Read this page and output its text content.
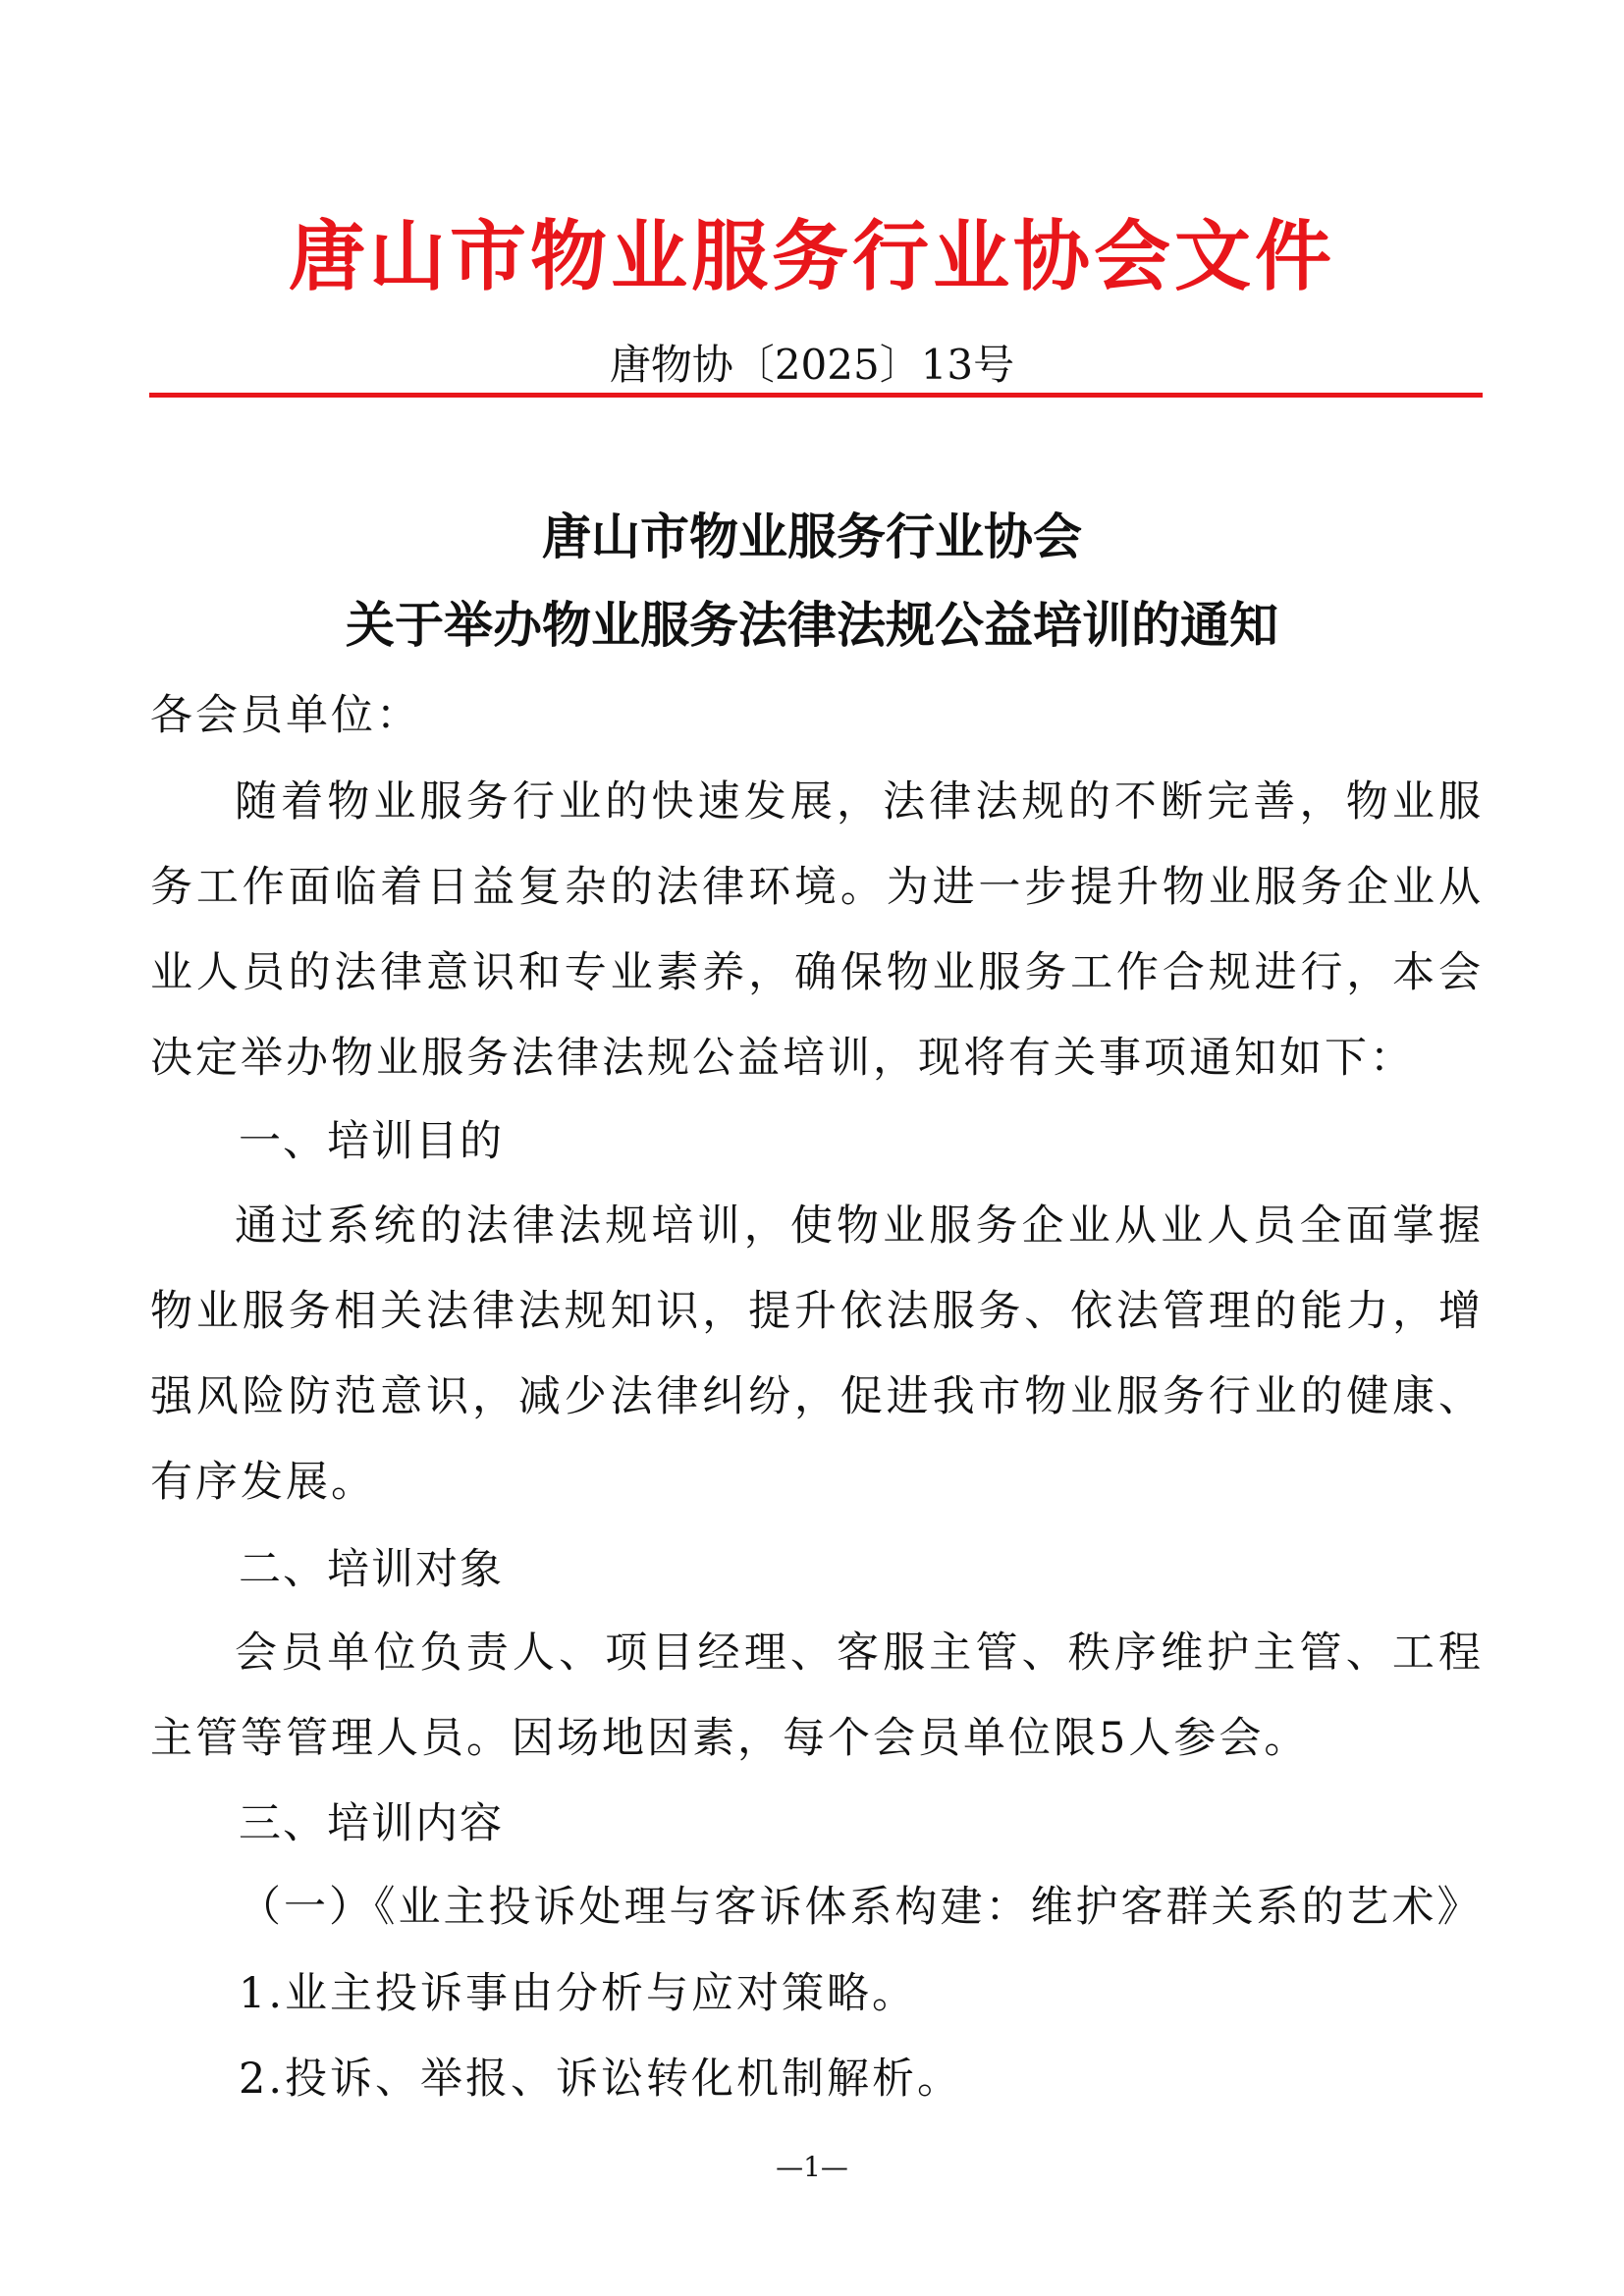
唐山市物业服务行业协会文件
唐物协〔2025〕13号
唐山市物业服务行业协会
关于举办物业服务法律法规公益培训的通知
各会员单位：

随着物业服务行业的快速发展，法律法规的不断完善，物业服务工作面临着日益复杂的法律环境。为进一步提升物业服务企业从业人员的法律意识和专业素养，确保物业服务工作合规进行，本会决定举办物业服务法律法规公益培训，现将有关事项通知如下：

一、培训目的

通过系统的法律法规培训，使物业服务企业从业人员全面掌握物业服务相关法律法规知识，提升依法服务、依法管理的能力，增强风险防范意识，减少法律纠纷，促进我市物业服务行业的健康、有序发展。

二、培训对象

会员单位负责人、项目经理、客服主管、秩序维护主管、工程主管等管理人员。因场地因素，每个会员单位限5人参会。

三、培训内容
（一）《业主投诉处理与客诉体系构建：维护客群关系的艺术》
1.业主投诉事由分析与应对策略。
2.投诉、举报、诉讼转化机制解析。
—1—
